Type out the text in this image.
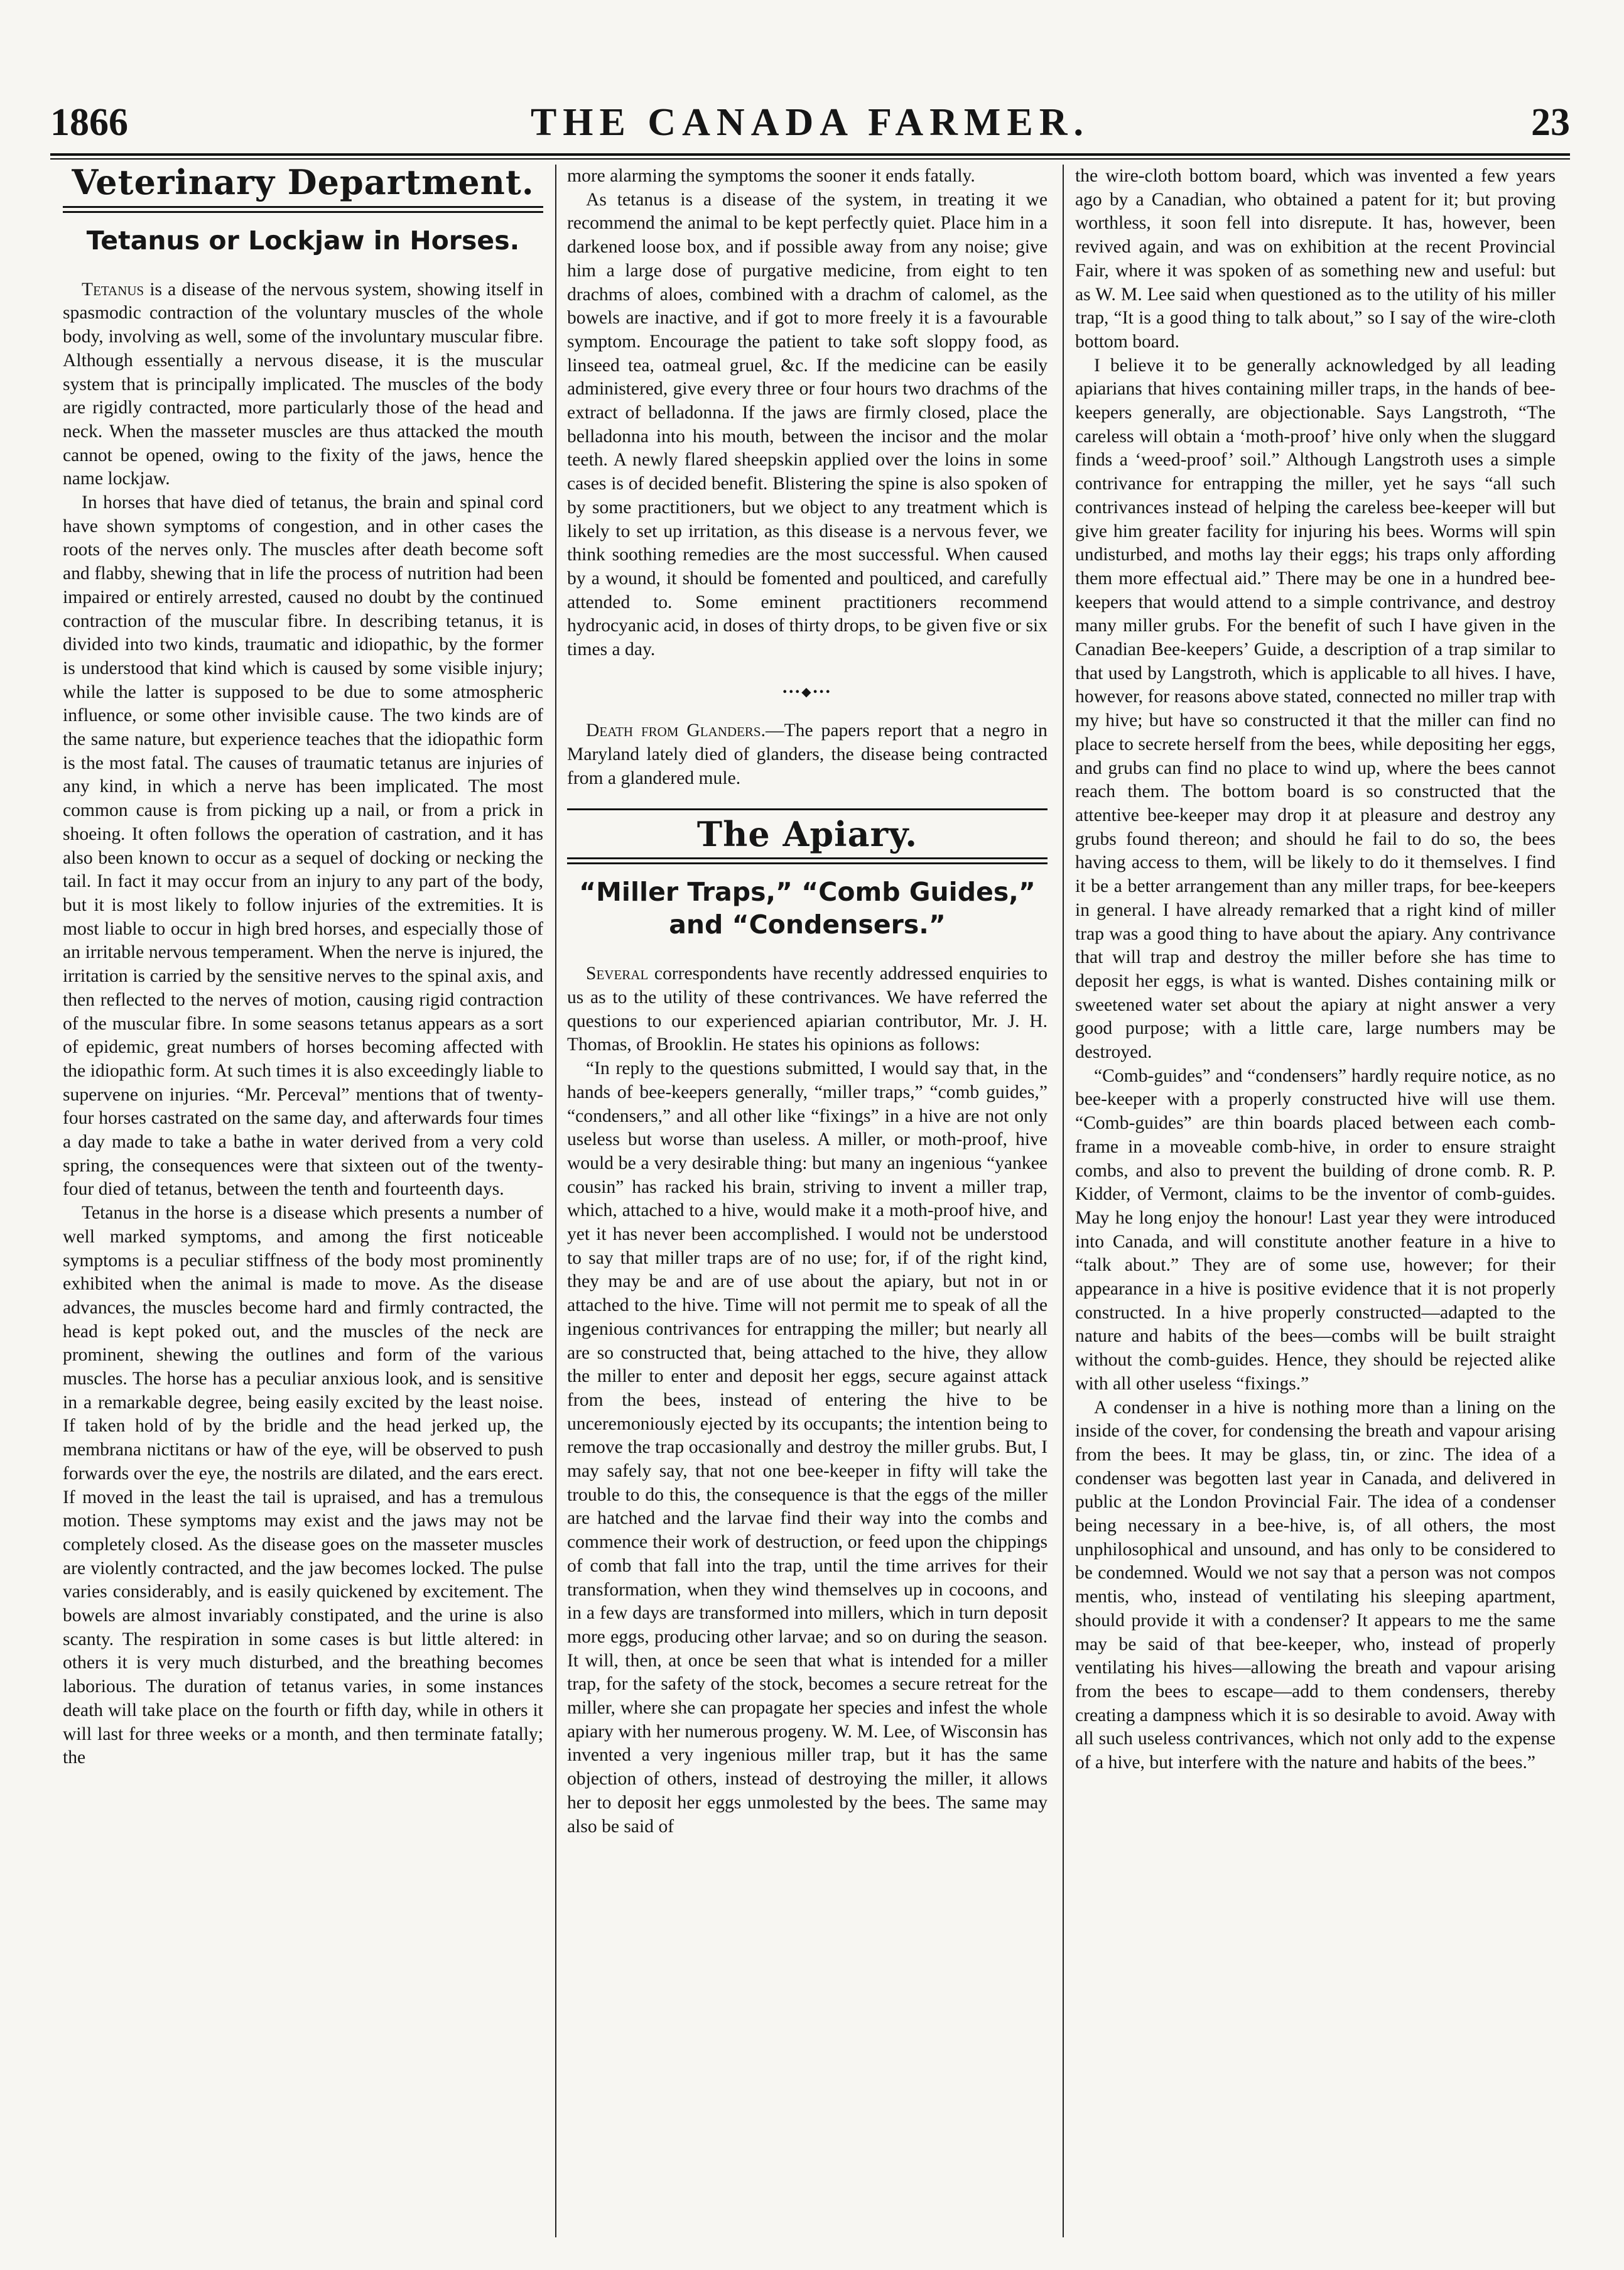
THE CANADA FARMER.
1866	23
Veterinary Department.
Tetanus or Lockjaw in Horses.

Tetanus is a disease of the nervous system, showing itself in spasmodic contraction of the voluntary muscles of the whole body, involving as well, some of the involuntary muscular fibre. Although essentially a nervous disease, it is the muscular system that is principally implicated. The muscles of the body are rigidly contracted, more particularly those of the head and neck. When the masseter muscles are thus attacked the mouth cannot be opened, owing to the fixity of the jaws, hence the name lockjaw.

In horses that have died of tetanus, the brain and spinal cord have shown symptoms of congestion, and in other cases the roots of the nerves only. The muscles after death become soft and flabby, shewing that in life the process of nutrition had been impaired or entirely arrested, caused no doubt by the continued contraction of the muscular fibre. In describing tetanus, it is divided into two kinds, traumatic and idiopathic, by the former is understood that kind which is caused by some visible injury; while the latter is supposed to be due to some atmospheric influence, or some other invisible cause. The two kinds are of the same nature, but experience teaches that the idiopathic form is the most fatal. The causes of traumatic tetanus are injuries of any kind, in which a nerve has been implicated. The most common cause is from picking up a nail, or from a prick in shoeing. It often follows the operation of castration, and it has also been known to occur as a sequel of docking or necking the tail. In fact it may occur from an injury to any part of the body, but it is most likely to follow injuries of the extremities. It is most liable to occur in high bred horses, and especially those of an irritable nervous temperament. When the nerve is injured, the irritation is carried by the sensitive nerves to the spinal axis, and then reflected to the nerves of motion, causing rigid contraction of the muscular fibre. In some seasons tetanus appears as a sort of epidemic, great numbers of horses becoming affected with the idiopathic form. At such times it is also exceedingly liable to supervene on injuries. “Mr. Perceval” mentions that of twenty-four horses castrated on the same day, and afterwards four times a day made to take a bathe in water derived from a very cold spring, the consequences were that sixteen out of the twenty-four died of tetanus, between the tenth and fourteenth days.

Tetanus in the horse is a disease which presents a number of well marked symptoms, and among the first noticeable symptoms is a peculiar stiffness of the body most prominently exhibited when the animal is made to move. As the disease advances, the muscles become hard and firmly contracted, the head is kept poked out, and the muscles of the neck are prominent, shewing the outlines and form of the various muscles. The horse has a peculiar anxious look, and is sensitive in a remarkable degree, being easily excited by the least noise. If taken hold of by the bridle and the head jerked up, the membrana nictitans or haw of the eye, will be observed to push forwards over the eye, the nostrils are dilated, and the ears erect. If moved in the least the tail is upraised, and has a tremulous motion. These symptoms may exist and the jaws may not be completely closed. As the disease goes on the masseter muscles are violently contracted, and the jaw becomes locked. The pulse varies considerably, and is easily quickened by excitement. The bowels are almost invariably constipated, and the urine is also scanty. The respiration in some cases is but little altered: in others it is very much disturbed, and the breathing becomes laborious. The duration of tetanus varies, in some instances death will take place on the fourth or fifth day, while in others it will last for three weeks or a month, and then terminate fatally; the

more alarming the symptoms the sooner it ends fatally.

As tetanus is a disease of the system, in treating it we recommend the animal to be kept perfectly quiet. Place him in a darkened loose box, and if possible away from any noise; give him a large dose of purgative medicine, from eight to ten drachms of aloes, combined with a drachm of calomel, as the bowels are inactive, and if got to more freely it is a favourable symptom. Encourage the patient to take soft sloppy food, as linseed tea, oatmeal gruel, &c. If the medicine can be easily administered, give every three or four hours two drachms of the extract of belladonna. If the jaws are firmly closed, place the belladonna into his mouth, between the incisor and the molar teeth. A newly flared sheepskin applied over the loins in some cases is of decided benefit. Blistering the spine is also spoken of by some practitioners, but we object to any treatment which is likely to set up irritation, as this disease is a nervous fever, we think soothing remedies are the most successful. When caused by a wound, it should be fomented and poulticed, and carefully attended to. Some eminent practitioners recommend hydrocyanic acid, in doses of thirty drops, to be given five or six times a day.

•••◆•••

Death from Glanders.—The papers report that a negro in Maryland lately died of glanders, the disease being contracted from a glandered mule.

The Apiary.
“Miller Traps,” “Comb Guides,” and “Condensers.”

Several correspondents have recently addressed enquiries to us as to the utility of these contrivances. We have referred the questions to our experienced apiarian contributor, Mr. J. H. Thomas, of Brooklin. He states his opinions as follows:

“In reply to the questions submitted, I would say that, in the hands of bee-keepers generally, “miller traps,” “comb guides,” “condensers,” and all other like “fixings” in a hive are not only useless but worse than useless. A miller, or moth-proof, hive would be a very desirable thing: but many an ingenious “yankee cousin” has racked his brain, striving to invent a miller trap, which, attached to a hive, would make it a moth-proof hive, and yet it has never been accomplished. I would not be understood to say that miller traps are of no use; for, if of the right kind, they may be and are of use about the apiary, but not in or attached to the hive. Time will not permit me to speak of all the ingenious contrivances for entrapping the miller; but nearly all are so constructed that, being attached to the hive, they allow the miller to enter and deposit her eggs, secure against attack from the bees, instead of entering the hive to be unceremoniously ejected by its occupants; the intention being to remove the trap occasionally and destroy the miller grubs. But, I may safely say, that not one bee-keeper in fifty will take the trouble to do this, the consequence is that the eggs of the miller are hatched and the larvae find their way into the combs and commence their work of destruction, or feed upon the chippings of comb that fall into the trap, until the time arrives for their transformation, when they wind themselves up in cocoons, and in a few days are transformed into millers, which in turn deposit more eggs, producing other larvae; and so on during the season. It will, then, at once be seen that what is intended for a miller trap, for the safety of the stock, becomes a secure retreat for the miller, where she can propagate her species and infest the whole apiary with her numerous progeny. W. M. Lee, of Wisconsin has invented a very ingenious miller trap, but it has the same objection of others, instead of destroying the miller, it allows her to deposit her eggs unmolested by the bees. The same may also be said of

the wire-cloth bottom board, which was invented a few years ago by a Canadian, who obtained a patent for it; but proving worthless, it soon fell into disrepute. It has, however, been revived again, and was on exhibition at the recent Provincial Fair, where it was spoken of as something new and useful: but as W. M. Lee said when questioned as to the utility of his miller trap, “It is a good thing to talk about,” so I say of the wire-cloth bottom board.

I believe it to be generally acknowledged by all leading apiarians that hives containing miller traps, in the hands of bee-keepers generally, are objectionable. Says Langstroth, “The careless will obtain a ‘moth-proof’ hive only when the sluggard finds a ‘weed-proof’ soil.” Although Langstroth uses a simple contrivance for entrapping the miller, yet he says “all such contrivances instead of helping the careless bee-keeper will but give him greater facility for injuring his bees. Worms will spin undisturbed, and moths lay their eggs; his traps only affording them more effectual aid.” There may be one in a hundred bee-keepers that would attend to a simple contrivance, and destroy many miller grubs. For the benefit of such I have given in the Canadian Bee-keepers’ Guide, a description of a trap similar to that used by Langstroth, which is applicable to all hives. I have, however, for reasons above stated, connected no miller trap with my hive; but have so constructed it that the miller can find no place to secrete herself from the bees, while depositing her eggs, and grubs can find no place to wind up, where the bees cannot reach them. The bottom board is so constructed that the attentive bee-keeper may drop it at pleasure and destroy any grubs found thereon; and should he fail to do so, the bees having access to them, will be likely to do it themselves. I find it be a better arrangement than any miller traps, for bee-keepers in general. I have already remarked that a right kind of miller trap was a good thing to have about the apiary. Any contrivance that will trap and destroy the miller before she has time to deposit her eggs, is what is wanted. Dishes containing milk or sweetened water set about the apiary at night answer a very good purpose; with a little care, large numbers may be destroyed.

“Comb-guides” and “condensers” hardly require notice, as no bee-keeper with a properly constructed hive will use them. “Comb-guides” are thin boards placed between each comb-frame in a moveable comb-hive, in order to ensure straight combs, and also to prevent the building of drone comb. R. P. Kidder, of Vermont, claims to be the inventor of comb-guides. May he long enjoy the honour! Last year they were introduced into Canada, and will constitute another feature in a hive to “talk about.” They are of some use, however; for their appearance in a hive is positive evidence that it is not properly constructed. In a hive properly constructed—adapted to the nature and habits of the bees—combs will be built straight without the comb-guides. Hence, they should be rejected alike with all other useless “fixings.”

A condenser in a hive is nothing more than a lining on the inside of the cover, for condensing the breath and vapour arising from the bees. It may be glass, tin, or zinc. The idea of a condenser was begotten last year in Canada, and delivered in public at the London Provincial Fair. The idea of a condenser being necessary in a bee-hive, is, of all others, the most unphilosophical and unsound, and has only to be considered to be condemned. Would we not say that a person was not compos mentis, who, instead of ventilating his sleeping apartment, should provide it with a condenser? It appears to me the same may be said of that bee-keeper, who, instead of properly ventilating his hives—allowing the breath and vapour arising from the bees to escape—add to them condensers, thereby creating a dampness which it is so desirable to avoid. Away with all such useless contrivances, which not only add to the expense of a hive, but interfere with the nature and habits of the bees.”
